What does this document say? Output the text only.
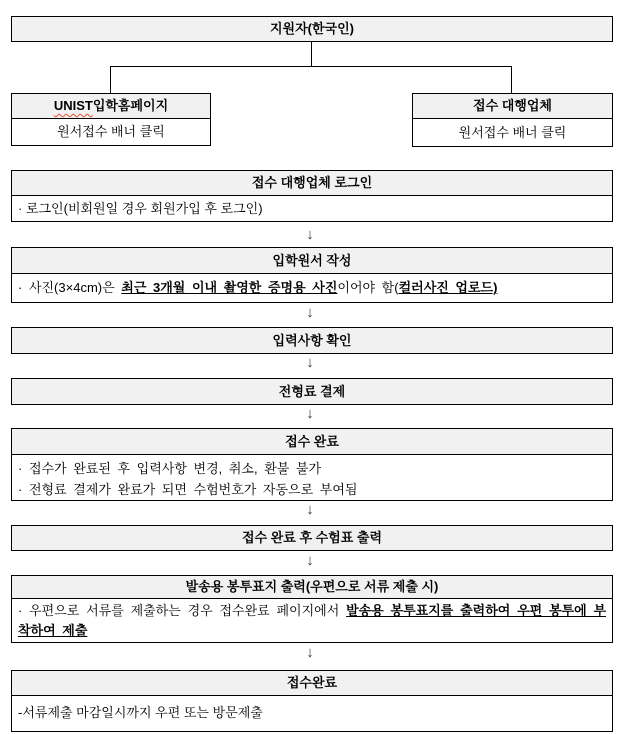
지원자(한국인)
UNIST 입학홈페이지
원서접수 배너 클릭
접수 대행업체
원서접수 배너 클릭
접수 대행업체 로그인
· 로그인(비회원일 경우 회원가입 후 로그인)
↓
입학원서 작성
· 사진(3×4cm)은 최근 3개월 이내 촬영한 증명용 사진이어야 함(컬러사진 업로드)
↓
입력사항 확인
↓
전형료 결제
↓
접수 완료
· 접수가 완료된 후 입력사항 변경, 취소, 환불 불가
· 전형료 결제가 완료가 되면 수험번호가 자동으로 부여됨
↓
접수 완료 후 수험표 출력
↓
발송용 봉투표지 출력(우편으로 서류 제출 시)
· 우편으로 서류를 제출하는 경우 접수완료 페이지에서 발송용 봉투표지를 출력하여 우편 봉투에 부착하여 제출
↓
접수완료
-서류제출 마감일시까지 우편 또는 방문제출
